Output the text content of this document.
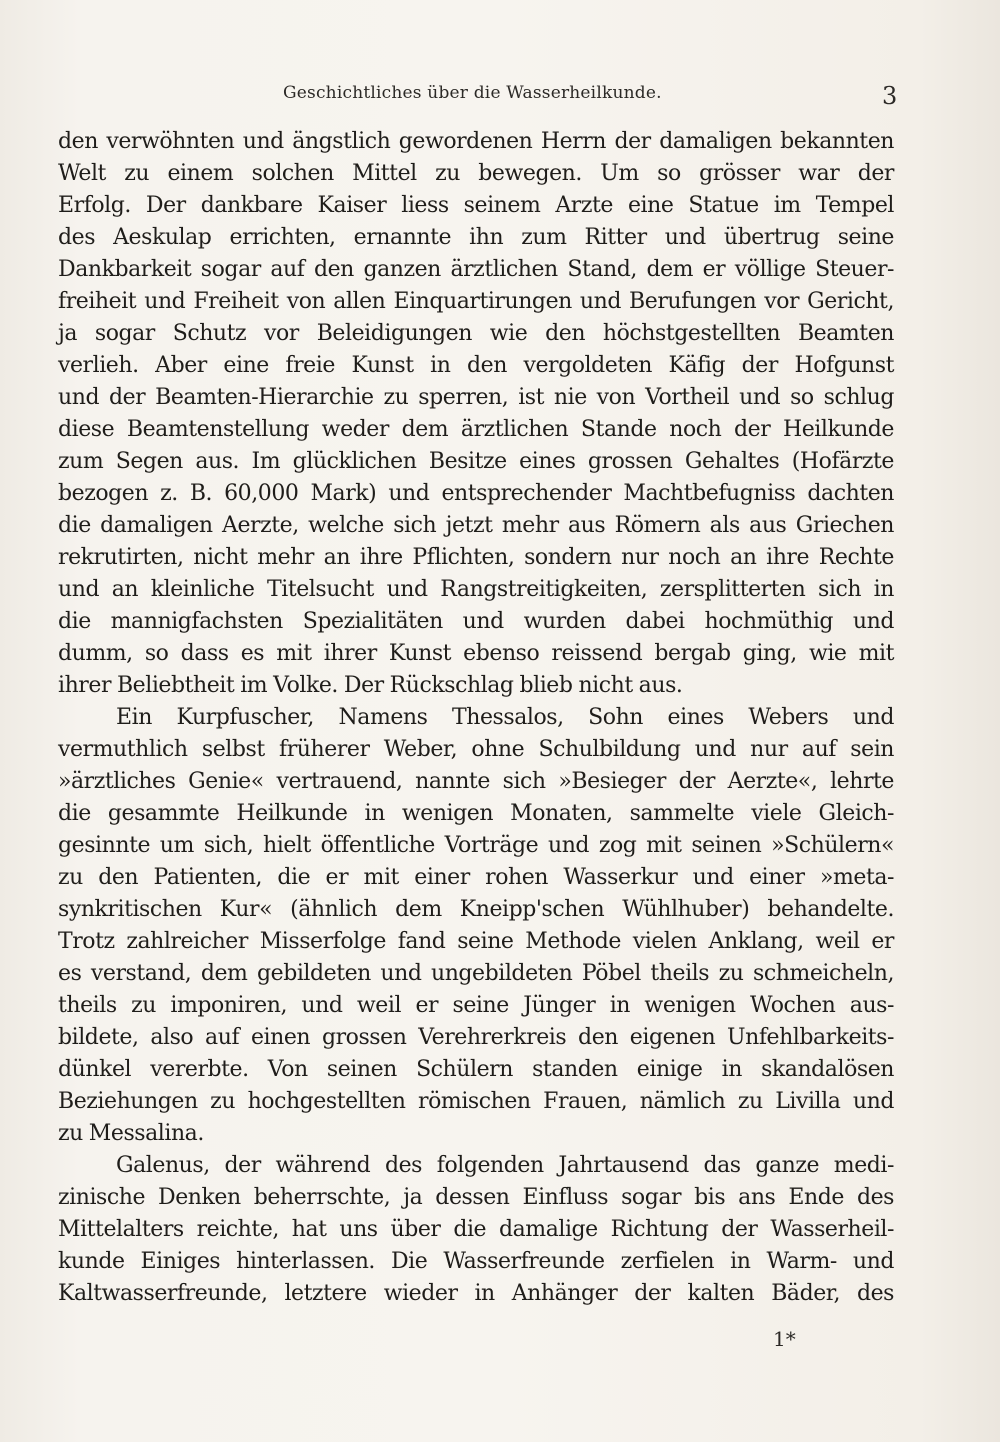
Geschichtliches über die Wasserheilkunde.	3
den verwöhnten und ängstlich gewordenen Herrn der damaligen bekannten
Welt zu einem solchen Mittel zu bewegen. Um so grösser war der
Erfolg. Der dankbare Kaiser liess seinem Arzte eine Statue im Tempel
des Aeskulap errichten, ernannte ihn zum Ritter und übertrug seine
Dankbarkeit sogar auf den ganzen ärztlichen Stand, dem er völlige Steuer-
freiheit und Freiheit von allen Einquartirungen und Berufungen vor Gericht,
ja sogar Schutz vor Beleidigungen wie den höchstgestellten Beamten
verlieh. Aber eine freie Kunst in den vergoldeten Käfig der Hofgunst
und der Beamten-Hierarchie zu sperren, ist nie von Vortheil und so schlug
diese Beamtenstellung weder dem ärztlichen Stande noch der Heilkunde
zum Segen aus. Im glücklichen Besitze eines grossen Gehaltes (Hofärzte
bezogen z. B. 60,000 Mark) und entsprechender Machtbefugniss dachten
die damaligen Aerzte, welche sich jetzt mehr aus Römern als aus Griechen
rekrutirten, nicht mehr an ihre Pflichten, sondern nur noch an ihre Rechte
und an kleinliche Titelsucht und Rangstreitigkeiten, zersplitterten sich in
die mannigfachsten Spezialitäten und wurden dabei hochmüthig und
dumm, so dass es mit ihrer Kunst ebenso reissend bergab ging, wie mit
ihrer Beliebtheit im Volke. Der Rückschlag blieb nicht aus.
Ein Kurpfuscher, Namens Thessalos, Sohn eines Webers und
vermuthlich selbst früherer Weber, ohne Schulbildung und nur auf sein
»ärztliches Genie« vertrauend, nannte sich »Besieger der Aerzte«, lehrte
die gesammte Heilkunde in wenigen Monaten, sammelte viele Gleich-
gesinnte um sich, hielt öffentliche Vorträge und zog mit seinen »Schülern«
zu den Patienten, die er mit einer rohen Wasserkur und einer »meta-
synkritischen Kur« (ähnlich dem Kneipp'schen Wühlhuber) behandelte.
Trotz zahlreicher Misserfolge fand seine Methode vielen Anklang, weil er
es verstand, dem gebildeten und ungebildeten Pöbel theils zu schmeicheln,
theils zu imponiren, und weil er seine Jünger in wenigen Wochen aus-
bildete, also auf einen grossen Verehrerkreis den eigenen Unfehlbarkeits-
dünkel vererbte. Von seinen Schülern standen einige in skandalösen
Beziehungen zu hochgestellten römischen Frauen, nämlich zu Livilla und
zu Messalina.
Galenus, der während des folgenden Jahrtausend das ganze medi-
zinische Denken beherrschte, ja dessen Einfluss sogar bis ans Ende des
Mittelalters reichte, hat uns über die damalige Richtung der Wasserheil-
kunde Einiges hinterlassen. Die Wasserfreunde zerfielen in Warm- und
Kaltwasserfreunde, letztere wieder in Anhänger der kalten Bäder, des
1*
